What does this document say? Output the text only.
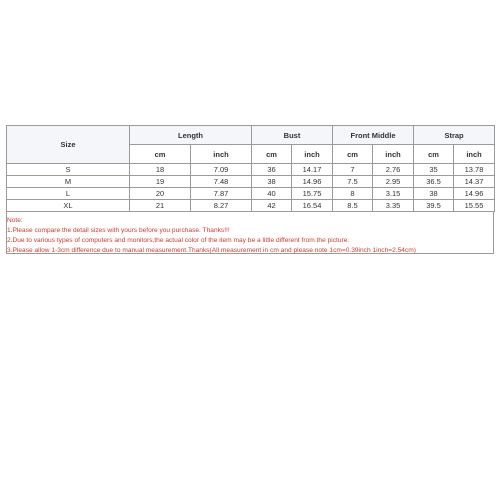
Size	Length		Bust		Front Middle		Strap	
	cm	inch	cm	inch	cm	inch	cm	inch
S	18	7.09	36	14.17	7	2.76	35	13.78
M	19	7.48	38	14.96	7.5	2.95	36.5	14.37
L	20	7.87	40	15.75	8	3.15	38	14.96
XL	21	8.27	42	16.54	8.5	3.35	39.5	15.55
Note:
1.Please compare the detail sizes with yours before you purchase. Thanks!!!
2.Due to various types of computers and monitors,the actual color of the item may be a little different from the picture.
3.Please allow 1-3cm difference due to manual measurement.Thanks(All measurement in cm and please note 1cm=0.39inch 1inch=2.54cm)
